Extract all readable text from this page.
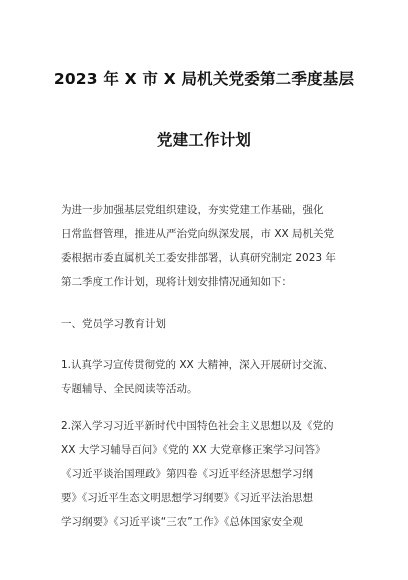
2023 年 X 市 X 局机关党委第二季度基层
党建工作计划

为进一步加强基层党组织建设，夯实党建工作基础，强化
日常监督管理，推进从严治党向纵深发展，市 XX 局机关党
委根据市委直属机关工委安排部署，认真研究制定 2023 年
第二季度工作计划，现将计划安排情况通知如下：

一、党员学习教育计划

1.认真学习宣传贯彻党的 XX 大精神，深入开展研讨交流、
专题辅导、全民阅读等活动。

2.深入学习习近平新时代中国特色社会主义思想以及《党的
XX 大学习辅导百问》《党的 XX 大党章修正案学习问答》
《习近平谈治国理政》第四卷《习近平经济思想学习纲
要》《习近平生态文明思想学习纲要》《习近平法治思想
学习纲要》《习近平谈“三农”工作》《总体国家安全观
